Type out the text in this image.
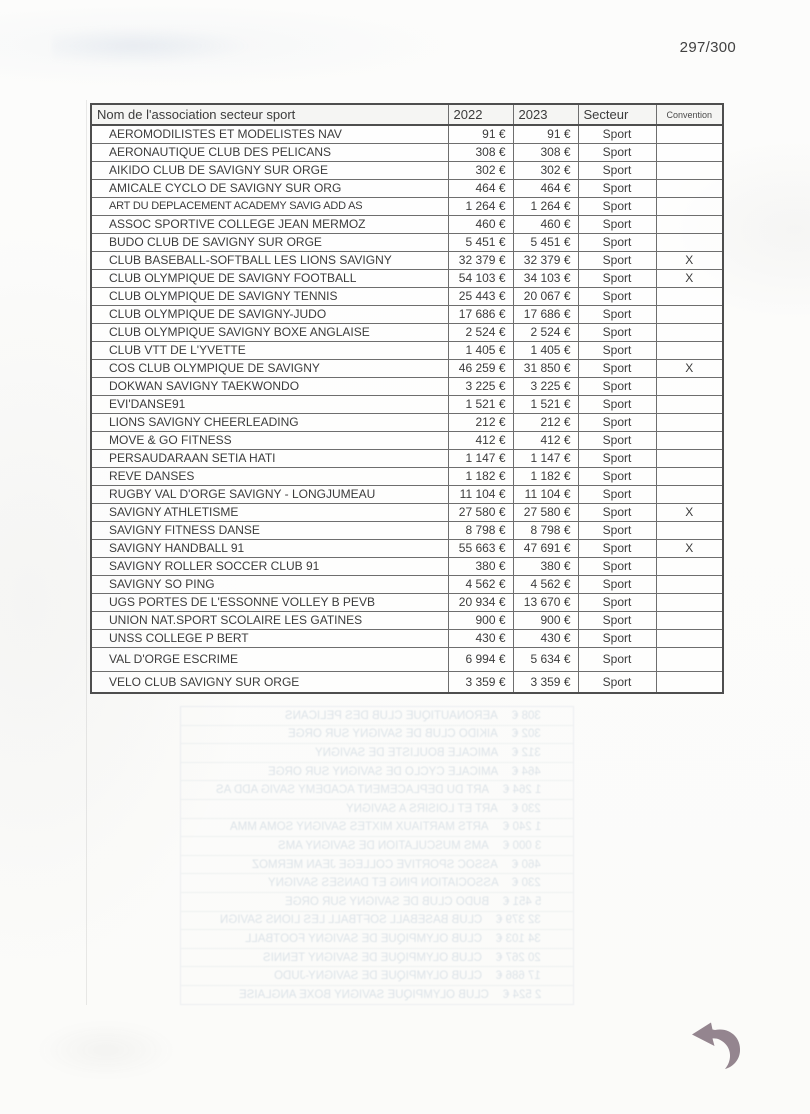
297/300
Nom de l'association secteur sport	2022	2023	Secteur	Convention
AEROMODILISTES ET MODELISTES NAV	91 €	91 €	Sport	
AERONAUTIQUE CLUB DES PELICANS	308 €	308 €	Sport	
AIKIDO CLUB DE SAVIGNY SUR ORGE	302 €	302 €	Sport	
AMICALE CYCLO DE SAVIGNY SUR ORG	464 €	464 €	Sport	
ART DU DEPLACEMENT ACADEMY SAVIG ADD AS	1 264 €	1 264 €	Sport	
ASSOC SPORTIVE COLLEGE JEAN MERMOZ	460 €	460 €	Sport	
BUDO CLUB DE SAVIGNY SUR ORGE	5 451 €	5 451 €	Sport	
CLUB BASEBALL-SOFTBALL LES LIONS SAVIGNY	32 379 €	32 379 €	Sport	X
CLUB OLYMPIQUE DE SAVIGNY FOOTBALL	54 103 €	34 103 €	Sport	X
CLUB OLYMPIQUE DE SAVIGNY TENNIS	25 443 €	20 067 €	Sport	
CLUB OLYMPIQUE DE SAVIGNY-JUDO	17 686 €	17 686 €	Sport	
CLUB OLYMPIQUE SAVIGNY BOXE ANGLAISE	2 524 €	2 524 €	Sport	
CLUB VTT DE L'YVETTE	1 405 €	1 405 €	Sport	
COS CLUB OLYMPIQUE DE SAVIGNY	46 259 €	31 850 €	Sport	X
DOKWAN SAVIGNY TAEKWONDO	3 225 €	3 225 €	Sport	
EVI'DANSE91	1 521 €	1 521 €	Sport	
LIONS SAVIGNY CHEERLEADING	212 €	212 €	Sport	
MOVE & GO FITNESS	412 €	412 €	Sport	
PERSAUDARAAN SETIA HATI	1 147 €	1 147 €	Sport	
REVE DANSES	1 182 €	1 182 €	Sport	
RUGBY VAL D'ORGE SAVIGNY - LONGJUMEAU	11 104 €	11 104 €	Sport	
SAVIGNY ATHLETISME	27 580 €	27 580 €	Sport	X
SAVIGNY FITNESS DANSE	8 798 €	8 798 €	Sport	
SAVIGNY HANDBALL 91	55 663 €	47 691 €	Sport	X
SAVIGNY ROLLER SOCCER CLUB 91	380 €	380 €	Sport	
SAVIGNY SO PING	4 562 €	4 562 €	Sport	
UGS PORTES DE L'ESSONNE VOLLEY B PEVB	20 934 €	13 670 €	Sport	
UNION NAT.SPORT SCOLAIRE LES GATINES	900 €	900 €	Sport	
UNSS COLLEGE P BERT	430 €	430 €	Sport	
VAL D'ORGE ESCRIME	6 994 €	5 634 €	Sport	
VELO CLUB SAVIGNY SUR ORGE	3 359 €	3 359 €	Sport	
AERONAUTIQUE CLUB DES PELICANS 308 €
AIKIDO CLUB DE SAVIGNY SUR ORGE 302 €
AMICALE BOULISTE DE SAVIGNY 312 €
AMICALE CYCLO DE SAVIGNY SUR ORGE 464 €
ART DU DEPLACEMENT ACADEMY SAVIG ADD AS 1 264 €
ART ET LOISIRS A SAVIGNY 230 €
ARTS MARTIAUX MIXTES SAVIGNY SOMA MMA 1 240 €
AMS MUSCULATION DE SAVIGNY AMS 3 000 €
ASSOC SPORTIVE COLLEGE JEAN MERMOZ 460 €
ASSOCIATION PING ET DANSES SAVIGNY 230 €
BUDO CLUB DE SAVIGNY SUR ORGE 5 451 €
CLUB BASEBALL SOFTBALL LES LIONS SAVIGN 32 379 €
CLUB OLYMPIQUE DE SAVIGNY FOOTBALL 34 103 €
CLUB OLYMPIQUE DE SAVIGNY TENNIS 20 267 €
CLUB OLYMPIQUE DE SAVIGNY-JUDO 17 686 €
CLUB OLYMPIQUE SAVIGNY BOXE ANGLAISE 2 524 €
